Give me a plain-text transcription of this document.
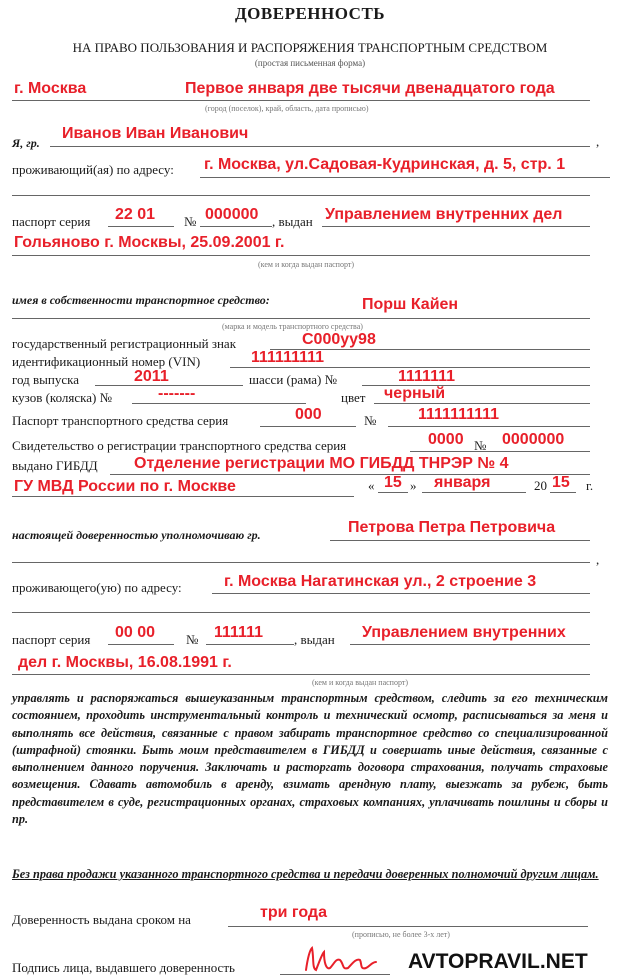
ДОВЕРЕННОСТЬ
НА ПРАВО ПОЛЬЗОВАНИЯ И РАСПОРЯЖЕНИЯ ТРАНСПОРТНЫМ СРЕДСТВОМ
(простая письменная форма)
г. Москва	Первое января две тысячи двенадцатого года
(город (поселок), край, область, дата прописью)
Я, гр.
Иванов Иван Иванович	,
проживающий(ая) по адресу: г. Москва, ул.Садовая-Кудринская, д. 5, стр. 1
паспорт серия 22 01 № 000000 , выдан Управлением внутренних дел
Гольяново г. Москвы, 25.09.2001 г.
(кем и когда выдан паспорт)
имея в собственности транспортное средство:	Порш Кайен
(марка и модель транспортного средства)
государственный регистрационный знак	С000уу98
идентификационный номер (VIN)	111111111
год выпуска	2011	шасси (рама) №	1111111
кузов (коляска) №	-------	цвет черный
Паспорт транспортного средства серия	000	№	1111111111
Свидетельство о регистрации транспортного средства серия	0000 № 0000000
выдано ГИБДД Отделение регистрации МО ГИБДД ТНРЭР № 4
ГУ МВД России по г. Москве	« 15 » января	20 15 г.
настоящей доверенностью уполномочиваю гр.	Петрова Петра Петровича
,
проживающего(ую) по адресу:	г. Москва Нагатинская ул., 2 строение 3
паспорт серия 00 00 № 111111 , выдан Управлением внутренних
дел г. Москвы, 16.08.1991 г.
(кем и когда выдан паспорт)
управлять и распоряжаться вышеуказанным транспортным средством, следить за его техническим состоянием, проходить инструментальный контроль и технический осмотр, расписываться за меня и выполнять все действия, связанные с правом забирать транспортное средство со специализированной (штрафной) стоянки. Быть моим представителем в ГИБДД и совершать иные действия, связанные с выполнением данного поручения. Заключать и расторгать договора страхования, получать страховые возмещения. Сдавать автомобиль в аренду, взимать арендную плату, выезжать за рубеж, быть представителем в суде, регистрационных органах, страховых компаниях, уплачивать пошлины и сборы и пр.
Без права продажи указанного транспортного средства и передачи доверенных полномочий другим лицам.
Доверенность выдана сроком на	три года
(прописью, не более 3-х лет)
Подпись лица, выдавшего доверенность	AVTOPRAVIL.NET
